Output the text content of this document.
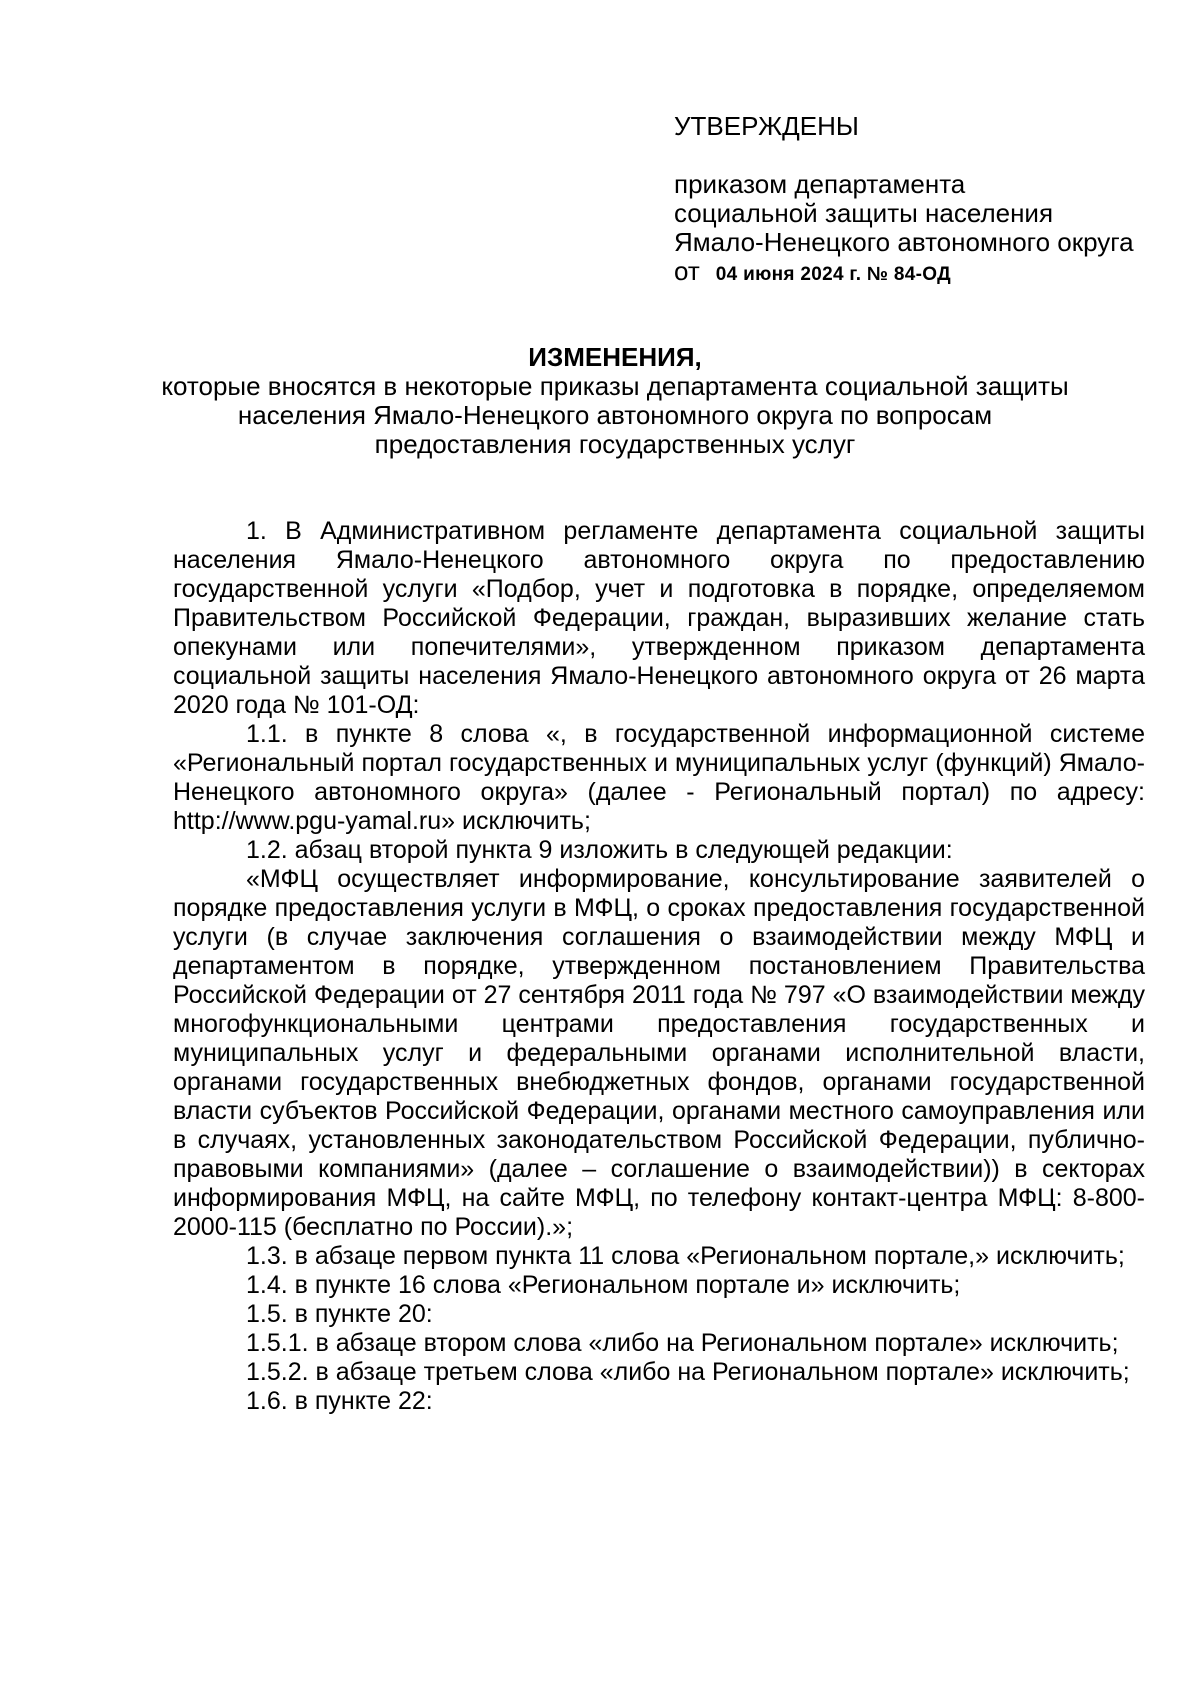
УТВЕРЖДЕНЫ
приказом департамента
социальной защиты населения
Ямало-Ненецкого автономного округа
от 04 июня 2024 г. № 84-ОД
ИЗМЕНЕНИЯ,
которые вносятся в некоторые приказы департамента социальной защиты населения Ямало-Ненецкого автономного округа по вопросам предоставления государственных услуг

1. В Административном регламенте департамента социальной защиты населения Ямало-Ненецкого автономного округа по предоставлению государственной услуги «Подбор, учет и подготовка в порядке, определяемом Правительством Российской Федерации, граждан, выразивших желание стать опекунами или попечителями», утвержденном приказом департамента социальной защиты населения Ямало-Ненецкого автономного округа от 26 марта 2020 года № 101-ОД:

1.1. в пункте 8 слова «, в государственной информационной системе «Региональный портал государственных и муниципальных услуг (функций) Ямало-Ненецкого автономного округа» (далее - Региональный портал) по адресу: http://www.pgu-yamal.ru» исключить;

1.2. абзац второй пункта 9 изложить в следующей редакции:

«МФЦ осуществляет информирование, консультирование заявителей о порядке предоставления услуги в МФЦ, о сроках предоставления государственной услуги (в случае заключения соглашения о взаимодействии между МФЦ и департаментом в порядке, утвержденном постановлением Правительства Российской Федерации от 27 сентября 2011 года № 797 «О взаимодействии между многофункциональными центрами предоставления государственных и муниципальных услуг и федеральными органами исполнительной власти, органами государственных внебюджетных фондов, органами государственной власти субъектов Российской Федерации, органами местного самоуправления или в случаях, установленных законодательством Российской Федерации, публично-правовыми компаниями» (далее – соглашение о взаимодействии)) в секторах информирования МФЦ, на сайте МФЦ, по телефону контакт-центра МФЦ: 8-800-2000-115 (бесплатно по России).»;

1.3. в абзаце первом пункта 11 слова «Региональном портале,» исключить;

1.4. в пункте 16 слова «Региональном портале и» исключить;

1.5. в пункте 20:

1.5.1. в абзаце втором слова «либо на Региональном портале» исключить;

1.5.2. в абзаце третьем слова «либо на Региональном портале» исключить;

1.6. в пункте 22:
